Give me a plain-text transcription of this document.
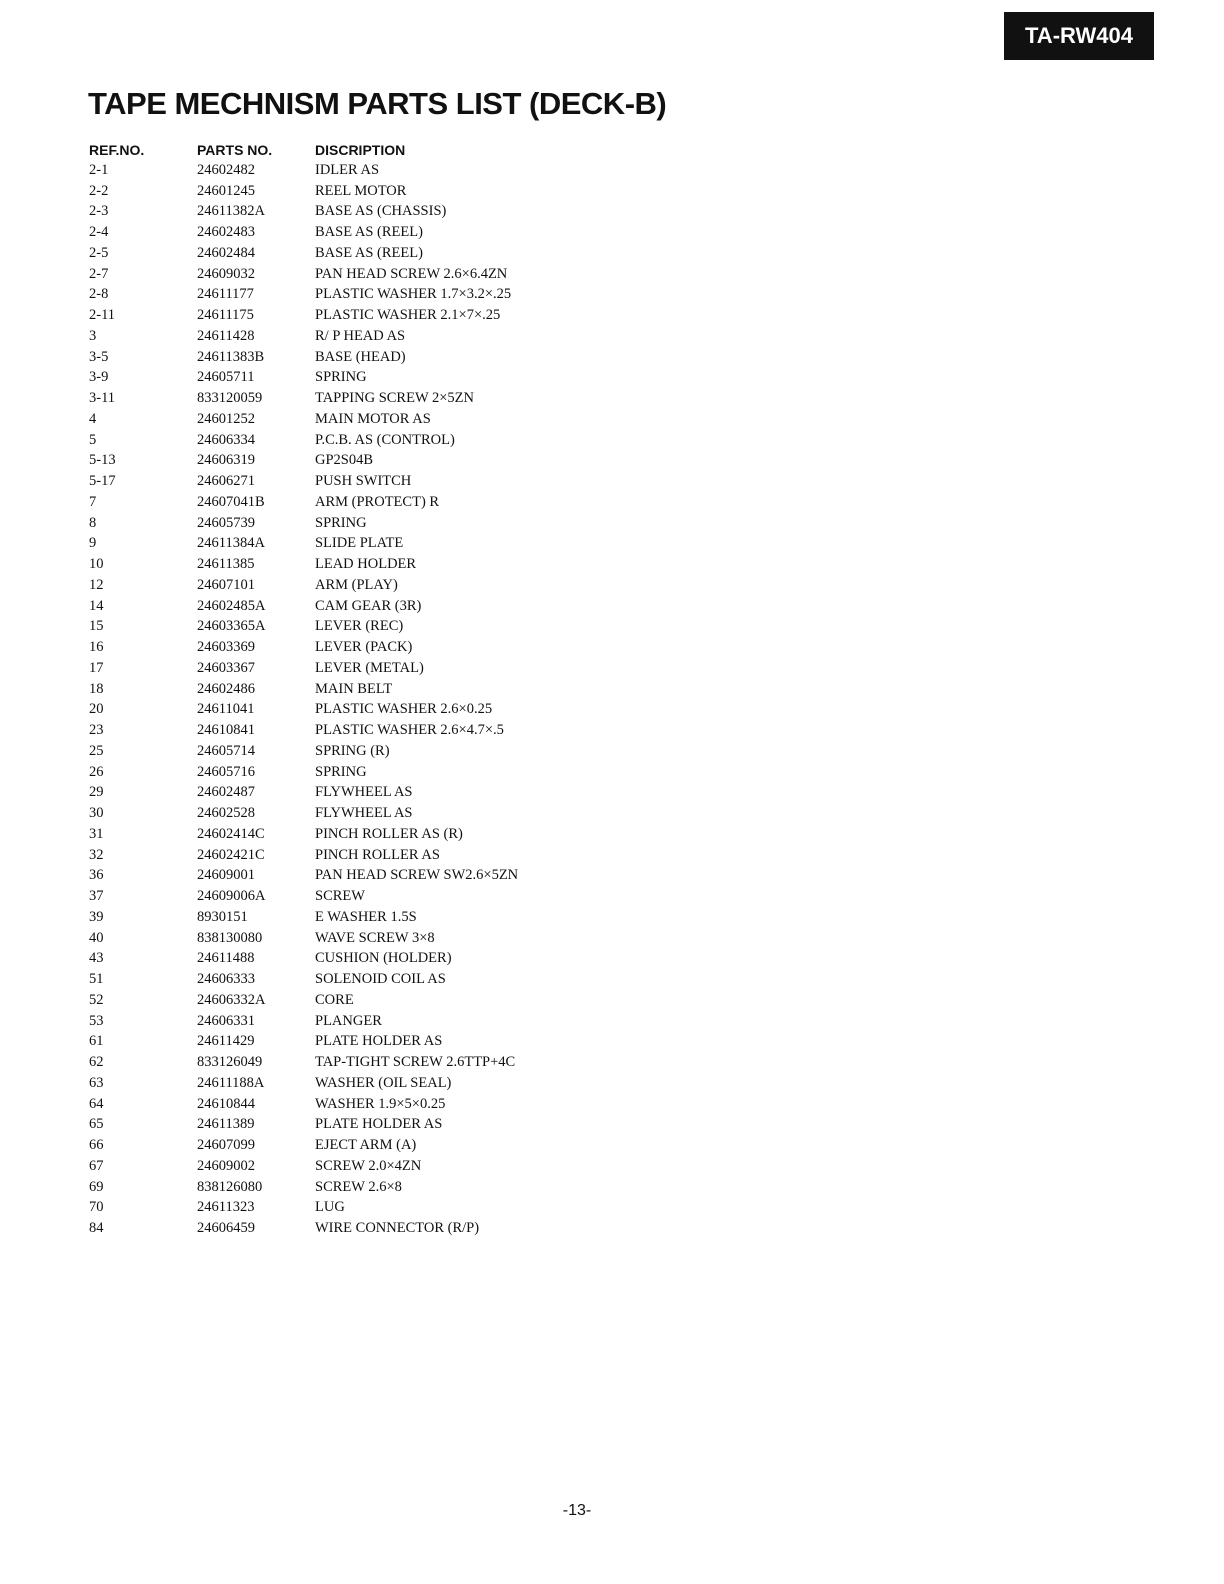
TA-RW404
TAPE MECHNISM PARTS LIST (DECK-B)
REF.NO.	PARTS NO.	DISCRIPTION
2-1	24602482	IDLER AS
2-2	24601245	REEL MOTOR
2-3	24611382A	BASE AS (CHASSIS)
2-4	24602483	BASE AS (REEL)
2-5	24602484	BASE AS (REEL)
2-7	24609032	PAN HEAD SCREW 2.6×6.4ZN
2-8	24611177	PLASTIC WASHER 1.7×3.2×.25
2-11	24611175	PLASTIC WASHER 2.1×7×.25
3	24611428	R/ P HEAD AS
3-5	24611383B	BASE (HEAD)
3-9	24605711	SPRING
3-11	833120059	TAPPING SCREW 2×5ZN
4	24601252	MAIN MOTOR AS
5	24606334	P.C.B. AS (CONTROL)
5-13	24606319	GP2S04B
5-17	24606271	PUSH SWITCH
7	24607041B	ARM (PROTECT) R
8	24605739	SPRING
9	24611384A	SLIDE PLATE
10	24611385	LEAD HOLDER
12	24607101	ARM (PLAY)
14	24602485A	CAM GEAR (3R)
15	24603365A	LEVER (REC)
16	24603369	LEVER (PACK)
17	24603367	LEVER (METAL)
18	24602486	MAIN BELT
20	24611041	PLASTIC WASHER 2.6×0.25
23	24610841	PLASTIC WASHER 2.6×4.7×.5
25	24605714	SPRING (R)
26	24605716	SPRING
29	24602487	FLYWHEEL AS
30	24602528	FLYWHEEL AS
31	24602414C	PINCH ROLLER AS (R)
32	24602421C	PINCH ROLLER AS
36	24609001	PAN HEAD SCREW SW2.6×5ZN
37	24609006A	SCREW
39	8930151	E WASHER 1.5S
40	838130080	WAVE SCREW 3×8
43	24611488	CUSHION (HOLDER)
51	24606333	SOLENOID COIL AS
52	24606332A	CORE
53	24606331	PLANGER
61	24611429	PLATE HOLDER AS
62	833126049	TAP-TIGHT SCREW 2.6TTP+4C
63	24611188A	WASHER (OIL SEAL)
64	24610844	WASHER 1.9×5×0.25
65	24611389	PLATE HOLDER AS
66	24607099	EJECT ARM (A)
67	24609002	SCREW 2.0×4ZN
69	838126080	SCREW 2.6×8
70	24611323	LUG
84	24606459	WIRE CONNECTOR (R/P)
-13-
